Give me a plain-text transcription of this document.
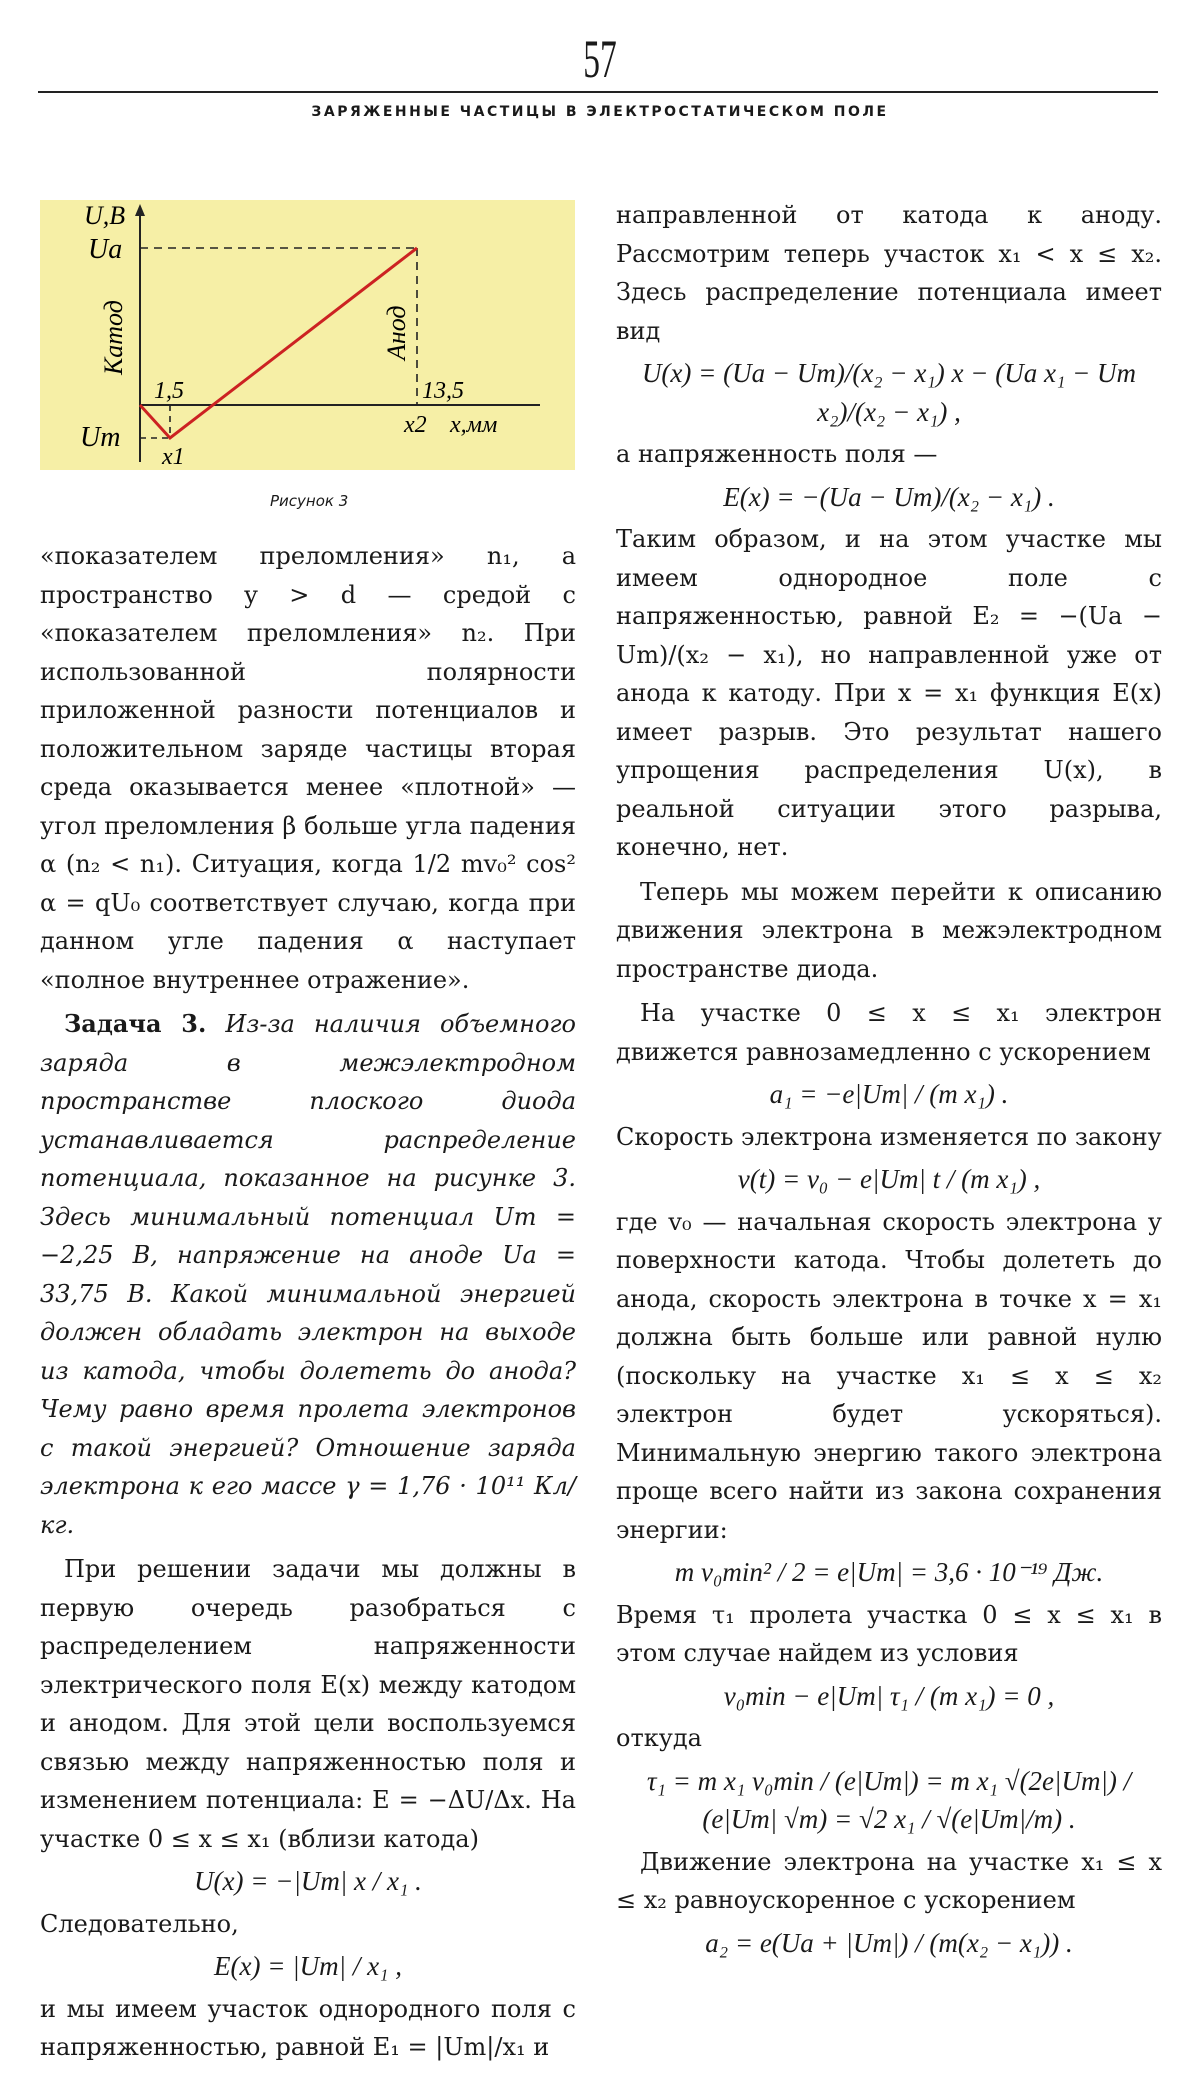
57
ЗАРЯЖЕННЫЕ ЧАСТИЦЫ В ЭЛЕКТРОСТАТИЧЕСКОМ ПОЛЕ
U,B
Ua
Um
Катод	Анод
1,5	13,5
x1
x2 x,мм
Рисунок 3

«показателем преломления» n₁, а пространство y > d — средой с «показателем преломления» n₂. При использованной полярности приложенной разности потенциалов и положительном заряде частицы вторая среда оказывается менее «плотной» — угол преломления β больше угла падения α (n₂ < n₁). Ситуация, когда 1/2 mv₀² cos² α = qU₀ соответствует случаю, когда при данном угле падения α наступает «полное внутреннее отражение».

Задача 3. Из-за наличия объемного заряда в межэлектродном пространстве плоского диода устанавливается распределение потенциала, показанное на рисунке 3. Здесь минимальный потенциал Um = −2,25 В, напряжение на аноде Ua = 33,75 В. Какой минимальной энергией должен обладать электрон на выходе из катода, чтобы долететь до анода? Чему равно время пролета электронов с такой энергией? Отношение заряда электрона к его массе γ = 1,76 · 10¹¹ Кл/кг.

При решении задачи мы должны в первую очередь разобраться с распределением напряженности электрического поля E(x) между катодом и анодом. Для этой цели воспользуемся связью между напряженностью поля и изменением потенциала: E = −ΔU/Δx. На участке 0 ≤ x ≤ x₁ (вблизи катода)

U(x) = −|Um| x / x₁ .

Следовательно,

E(x) = |Um| / x₁ ,

и мы имеем участок однородного поля с напряженностью, равной E₁ = |Um|/x₁ и

направленной от катода к аноду. Рассмотрим теперь участок x₁ < x ≤ x₂. Здесь распределение потенциала имеет вид

U(x) = (Ua − Um)/(x₂ − x₁) x − (Ua x₁ − Um x₂)/(x₂ − x₁) ,

а напряженность поля —

E(x) = −(Ua − Um)/(x₂ − x₁) .

Таким образом, и на этом участке мы имеем однородное поле с напряженностью, равной E₂ = −(Ua − Um)/(x₂ − x₁), но направленной уже от анода к катоду. При x = x₁ функция E(x) имеет разрыв. Это результат нашего упрощения распределения U(x), в реальной ситуации этого разрыва, конечно, нет.

Теперь мы можем перейти к описанию движения электрона в межэлектродном пространстве диода.

На участке 0 ≤ x ≤ x₁ электрон движется равнозамедленно с ускорением

a₁ = −e|Um| / (m x₁) .

Скорость электрона изменяется по закону

v(t) = v₀ − e|Um| t / (m x₁) ,

где v₀ — начальная скорость электрона у поверхности катода. Чтобы долететь до анода, скорость электрона в точке x = x₁ должна быть больше или равной нулю (поскольку на участке x₁ ≤ x ≤ x₂ электрон будет ускоряться). Минимальную энергию такого электрона проще всего найти из закона сохранения энергии:

m v₀min² / 2 = e|Um| = 3,6 · 10⁻¹⁹ Дж.

Время τ₁ пролета участка 0 ≤ x ≤ x₁ в этом случае найдем из условия

v₀min − e|Um| τ₁ / (m x₁) = 0 ,

откуда

τ₁ = m x₁ v₀min / (e|Um|) = m x₁ √(2e|Um|) / (e|Um| √m) = √2 x₁ / √(e|Um|/m) .

Движение электрона на участке x₁ ≤ x ≤ x₂ равноускоренное с ускорением

a₂ = e(Ua + |Um|) / (m(x₂ − x₁)) .
